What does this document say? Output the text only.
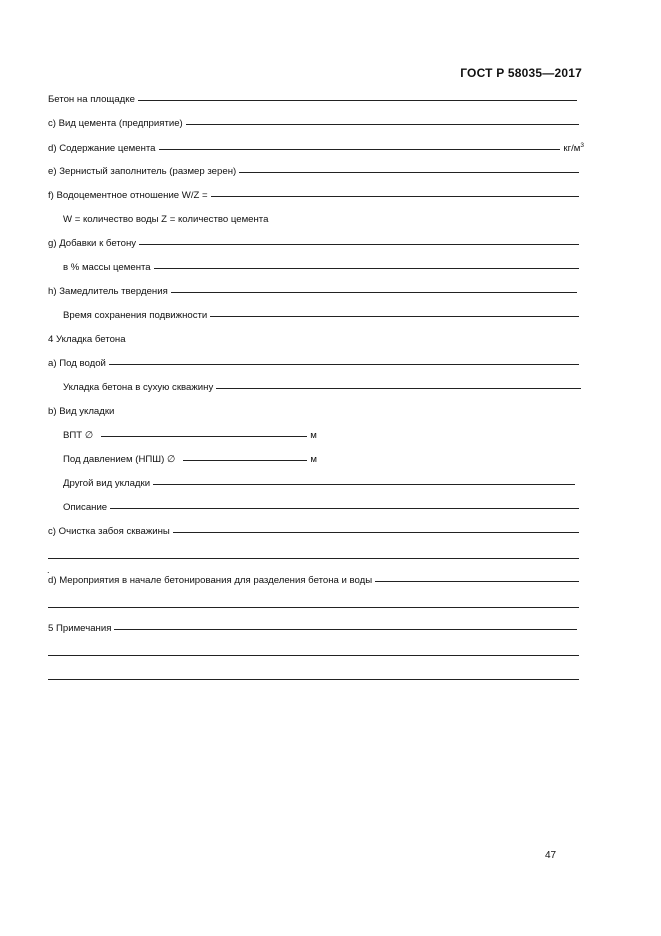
ГОСТ Р 58035—2017
Бетон на площадке
с) Вид цемента (предприятие)
d) Содержание цемента	$кг/м^3$
е) Зернистый заполнитель (размер зерен)
f) Водоцементное отношение W/Z =
W = количество воды Z = количество цемента
g) Добавки к бетону
в % массы цемента
h) Замедлитель твердения
Время сохранения подвижности
4 Укладка бетона
а) Под водой
Укладка бетона в сухую скважину
b) Вид укладки
ВПТ ∅	м
Под давлением (НПШ) ∅	м
Другой вид укладки
Описание
с) Очистка забоя скважины
.
d) Мероприятия в начале бетонирования для разделения бетона и воды
5 Примечания
47
